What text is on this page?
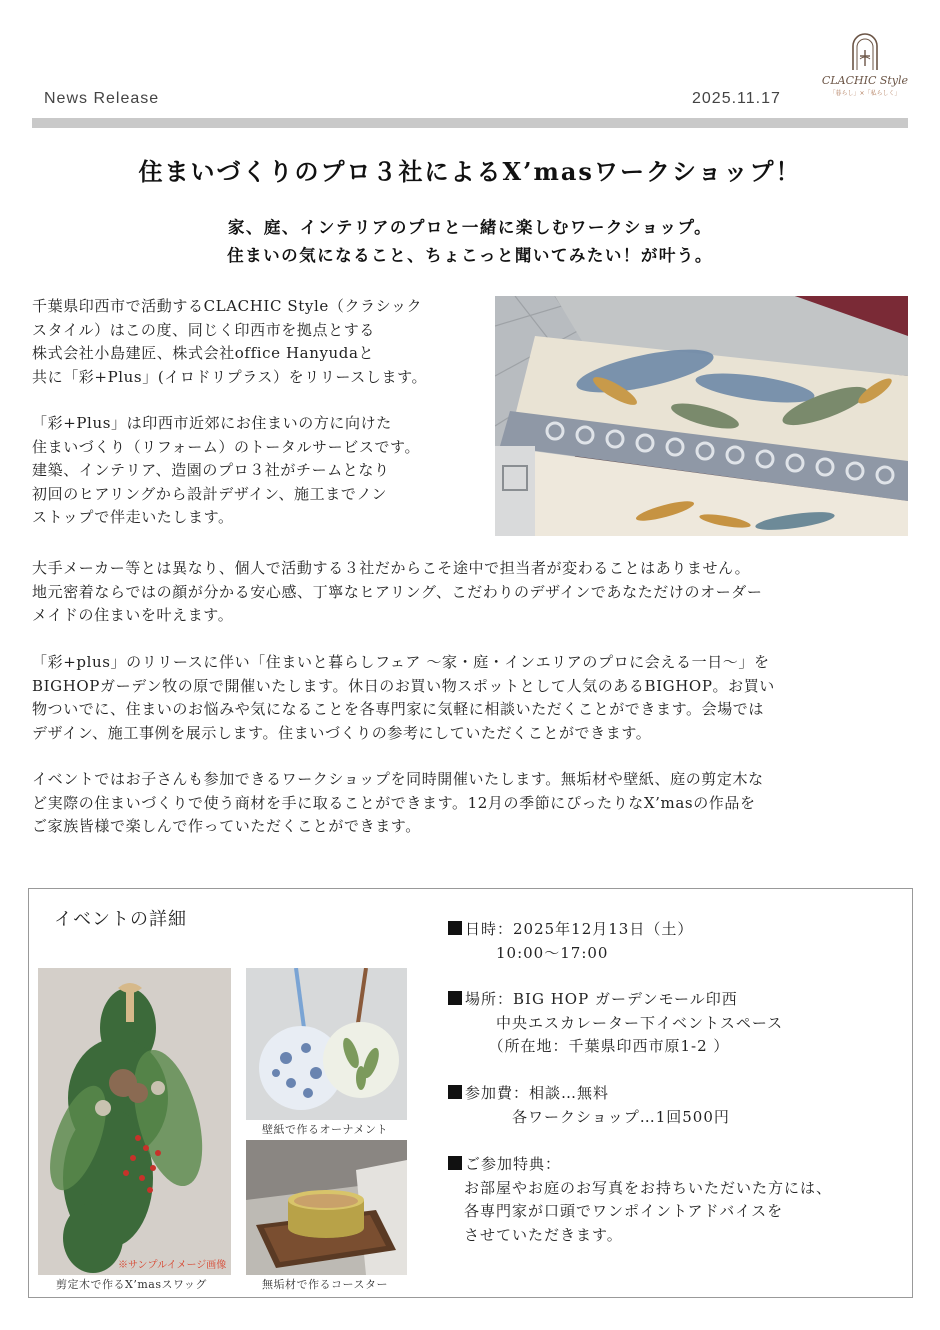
News Release	2025.11.17
CLACHIC Style
「暮らし」×「私らしく」
住まいづくりのプロ３社によるX’masワークショップ！
家、庭、インテリアのプロと一緒に楽しむワークショップ。
住まいの気になること、ちょこっと聞いてみたい！が叶う。
千葉県印西市で活動するCLACHIC Style（クラシック
スタイル）はこの度、同じく印西市を拠点とする
株式会社小島建匠、株式会社office Hanyudaと
共に「彩+Plus」(イロドリプラス）をリリースします。
「彩+Plus」は印西市近郊にお住まいの方に向けた
住まいづくり（リフォーム）のトータルサービスです。
建築、インテリア、造園のプロ３社がチームとなり
初回のヒアリングから設計デザイン、施工までノン
ストップで伴走いたします。
大手メーカー等とは異なり、個人で活動する３社だからこそ途中で担当者が変わることはありません。
地元密着ならではの顔が分かる安心感、丁寧なヒアリング、こだわりのデザインであなただけのオーダー
メイドの住まいを叶えます。
「彩+plus」のリリースに伴い「住まいと暮らしフェア 〜家・庭・インエリアのプロに会える一日〜」を
BIGHOPガーデン牧の原で開催いたします。休日のお買い物スポットとして人気のあるBIGHOP。お買い
物ついでに、住まいのお悩みや気になることを各専門家に気軽に相談いただくことができます。会場では
デザイン、施工事例を展示します。住まいづくりの参考にしていただくことができます。
イベントではお子さんも参加できるワークショップを同時開催いたします。無垢材や壁紙、庭の剪定木な
ど実際の住まいづくりで使う商材を手に取ることができます。12月の季節にぴったりなX’masの作品を
ご家族皆様で楽しんで作っていただくことができます。
イベントの詳細
※サンプルイメージ画像
剪定木で作るX’masスワッグ
壁紙で作るオーナメント
無垢材で作るコースター
日時：2025年12月13日（土）
　　　10:00〜17:00
場所：BIG HOP ガーデンモール印西
　　　中央エスカレーター下イベントスペース
　　　（所在地：千葉県印西市原1-2 ）
参加費：相談…無料
　　　　各ワークショップ…1回500円
ご参加特典：
　お部屋やお庭のお写真をお持ちいただいた方には、
　各専門家が口頭でワンポイントアドバイスを
　させていただきます。
